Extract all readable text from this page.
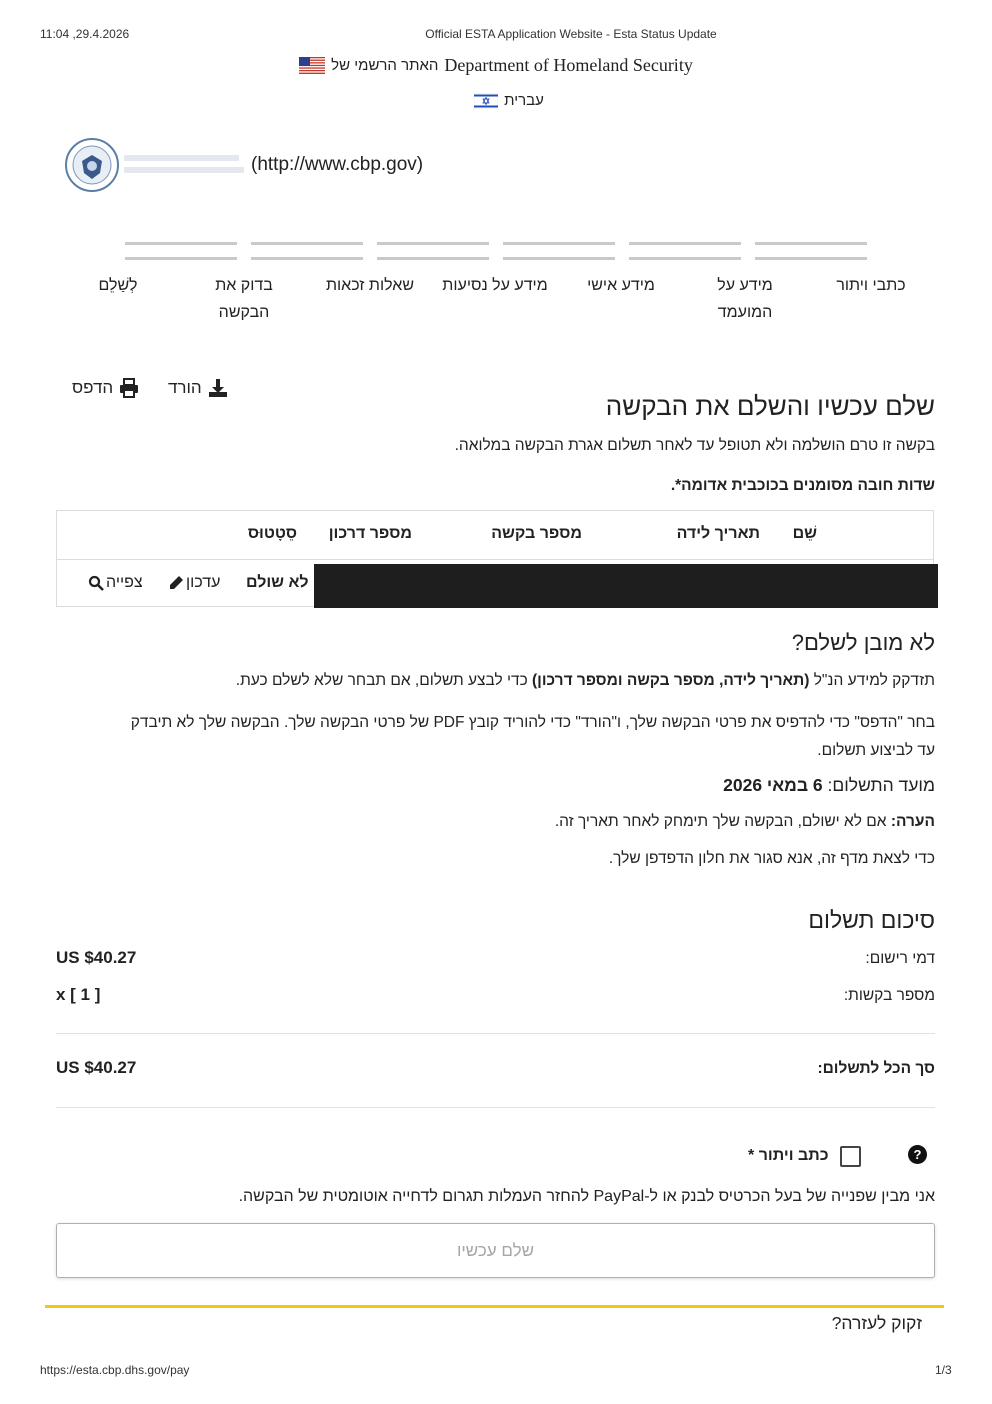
11:04 ,29.4.2026	Official ESTA Application Website - Esta Status Update
האתר הרשמי של Department of Homeland Security
עברית
(http://www.cbp.gov)
כתבי ויתור
מידע על המועמד
מידע אישי
מידע על נסיעות
שאלות זכאות
בדוק את הבקשה
לְשַׁלֵם
הורד
הדפס
שלם עכשיו והשלם את הבקשה
בקשה זו טרם הושלמה ולא תטופל עד לאחר תשלום אגרת הבקשה במלואה.
שדות חובה מסומנים בכוכבית אדומה*.
שֵׁם
תאריך לידה
מספר בקשה
מספר דרכון
סֵטָטוּס
לא שולם
עדכון
צפייה
לא מובן לשלם?
תזדקק למידע הנ"ל (תאריך לידה, מספר בקשה ומספר דרכון) כדי לבצע תשלום, אם תבחר שלא לשלם כעת.
בחר "הדפס" כדי להדפיס את פרטי הבקשה שלך, ו"הורד" כדי להוריד קובץ PDF של פרטי הבקשה שלך. הבקשה שלך לא תיבדק
עד לביצוע תשלום.
מועד התשלום: 6 במאי 2026
הערה: אם לא ישולם, הבקשה שלך תימחק לאחר תאריך זה.
כדי לצאת מדף זה, אנא סגור את חלון הדפדפן שלך.
סיכום תשלום
דמי רישום:
US $40.27
מספר בקשות:
x [ 1 ]
סך הכל לתשלום:
US $40.27
?
כתב ויתור *
אני מבין שפנייה של בעל הכרטיס לבנק או ל-PayPal להחזר העמלות תגרום לדחייה אוטומטית של הבקשה.
שלם עכשיו
זקוק לעזרה?
https://esta.cbp.dhs.gov/pay	1/3
